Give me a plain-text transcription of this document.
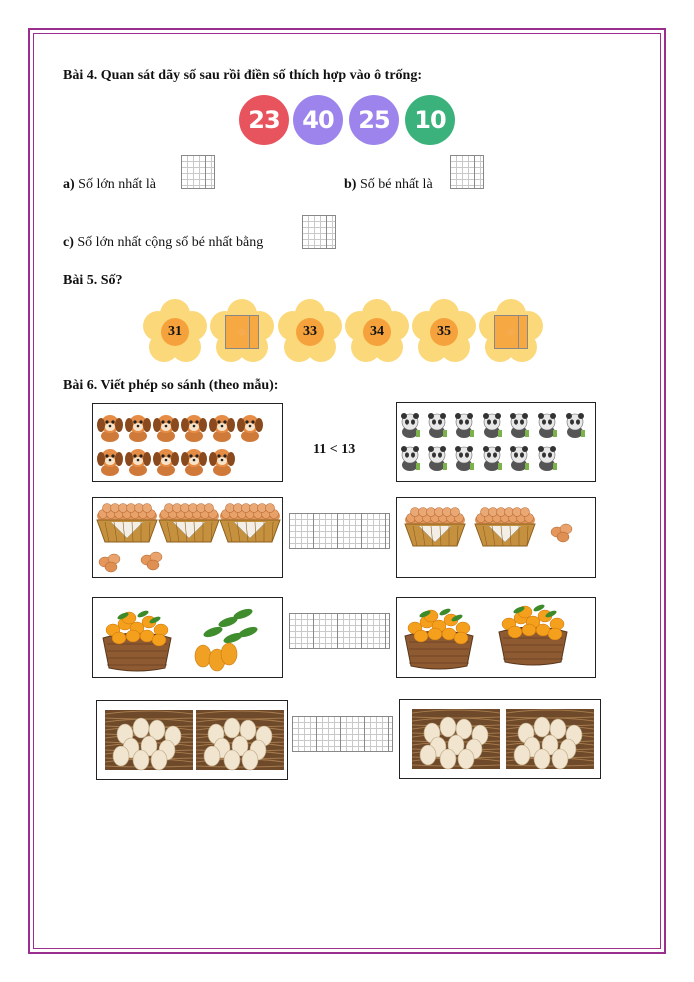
Bài 4. Quan sát dãy số sau rồi điền số thích hợp vào ô trống:
23 40 25 10
a) Số lớn nhất là	b) Số bé nhất là
c) Số lớn nhất cộng số bé nhất bằng
Bài 5. Số?
31	33	34	35
Bài 6. Viết phép so sánh (theo mẫu):
11 < 13
